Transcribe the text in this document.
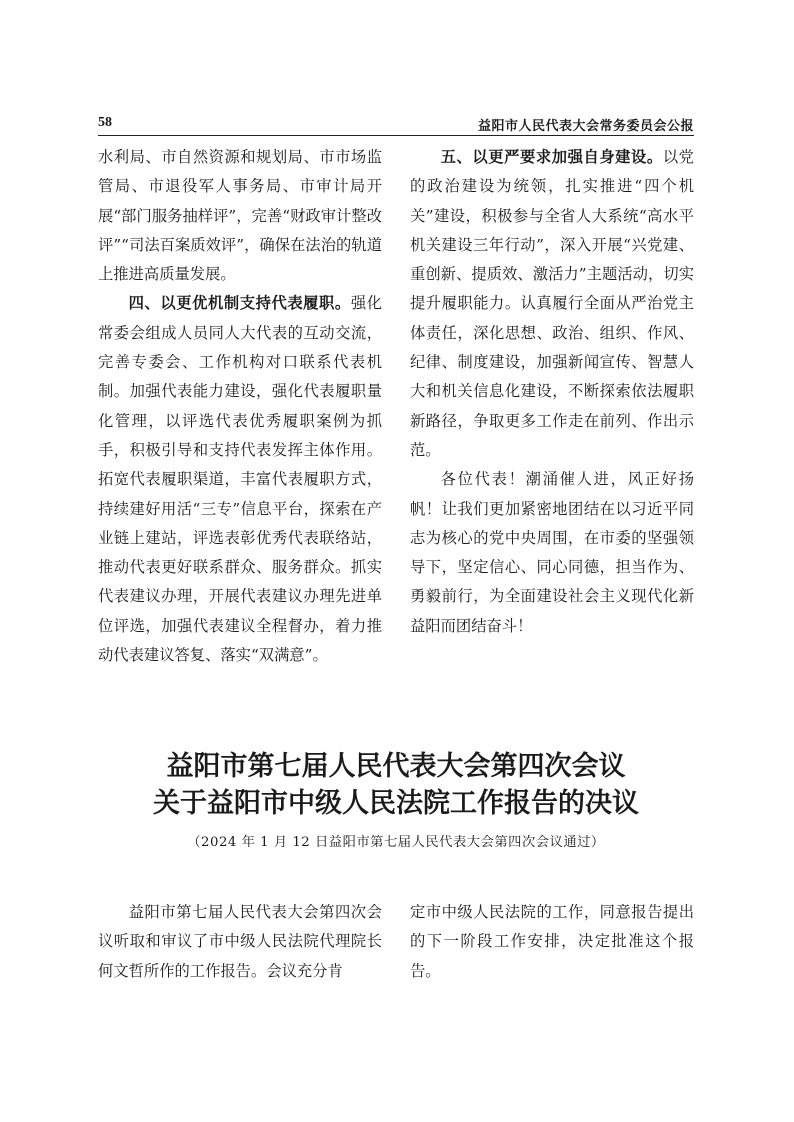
58	益阳市人民代表大会常务委员会公报

水利局、市自然资源和规划局、市市场监管局、市退役军人事务局、市审计局开展“部门服务抽样评”，完善“财政审计整改评”“司法百案质效评”，确保在法治的轨道上推进高质量发展。

四、以更优机制支持代表履职。强化常委会组成人员同人大代表的互动交流，完善专委会、工作机构对口联系代表机制。加强代表能力建设，强化代表履职量化管理，以评选代表优秀履职案例为抓手，积极引导和支持代表发挥主体作用。拓宽代表履职渠道，丰富代表履职方式，持续建好用活“三专”信息平台，探索在产业链上建站，评选表彰优秀代表联络站，推动代表更好联系群众、服务群众。抓实代表建议办理，开展代表建议办理先进单位评选，加强代表建议全程督办，着力推动代表建议答复、落实“双满意”。

五、以更严要求加强自身建设。以党的政治建设为统领，扎实推进“四个机关”建设，积极参与全省人大系统“高水平机关建设三年行动”，深入开展“兴党建、重创新、提质效、激活力”主题活动，切实提升履职能力。认真履行全面从严治党主体责任，深化思想、政治、组织、作风、纪律、制度建设，加强新闻宣传、智慧人大和机关信息化建设，不断探索依法履职新路径，争取更多工作走在前列、作出示范。

各位代表！潮涌催人进，风正好扬帆！让我们更加紧密地团结在以习近平同志为核心的党中央周围，在市委的坚强领导下，坚定信心、同心同德，担当作为、勇毅前行，为全面建设社会主义现代化新益阳而团结奋斗！

益阳市第七届人民代表大会第四次会议
关于益阳市中级人民法院工作报告的决议
（2024 年 1 月 12 日益阳市第七届人民代表大会第四次会议通过）

益阳市第七届人民代表大会第四次会议听取和审议了市中级人民法院代理院长何文哲所作的工作报告。会议充分肯

定市中级人民法院的工作，同意报告提出的下一阶段工作安排，决定批准这个报告。
